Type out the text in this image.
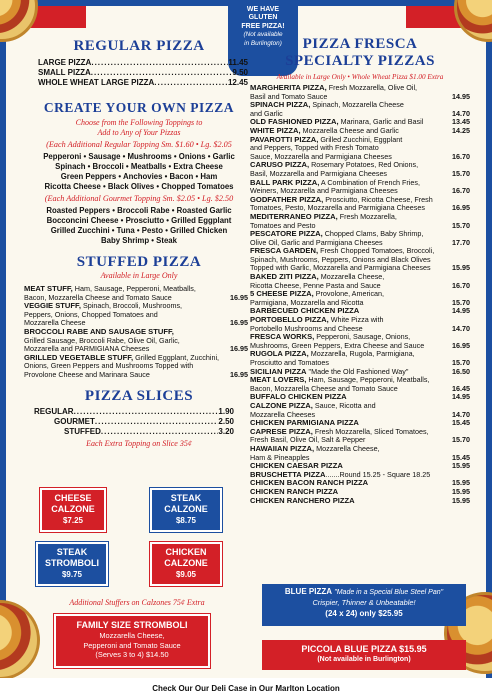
WE HAVE
GLUTEN
FREE PIZZA!
(Not available
in Burlington)
REGULAR PIZZA
LARGE PIZZA .....	11.45
SMALL PIZZA .....	9.50
WHOLE WHEAT LARGE PIZZA .....	12.45
CREATE YOUR OWN PIZZA
Choose from the Following Toppings to
Add to Any of Your Pizzas
(Each Additional Regular Topping Sm. $1.60 • Lg. $2.05
Pepperoni • Sausage • Mushrooms • Onions • Garlic
Spinach • Broccoli • Meatballs • Extra Cheese
Green Peppers • Anchovies • Bacon • Ham
Ricotta Cheese • Black Olives • Chopped Tomatoes
(Each Additional Gourmet Topping Sm. $2.05 • Lg. $2.50
Roasted Peppers • Broccoli Rabe • Roasted Garlic
Bocconcini Cheese • Prosciutto • Grilled Eggplant
Grilled Zucchini • Tuna • Pesto • Grilled Chicken
Baby Shrimp • Steak
STUFFED PIZZA
Available in Large Only
MEAT STUFF, Ham, Sausage, Pepperoni, Meatballs,
Bacon, Mozzarella Cheese and Tomato Sauce	16.95
VEGGIE STUFF, Spinach, Broccoli, Mushrooms,
Peppers, Onions, Chopped Tomatoes and
Mozzarella Cheese	16.95
BROCCOLI RABE AND SAUSAGE STUFF,
Grilled Sausage, Broccoli Rabe, Olive Oil, Garlic,
Mozzarella and PARMIGIANA Cheeses	16.95
GRILLED VEGETABLE STUFF, Grilled Eggplant, Zucchini,
Onions, Green Peppers and Mushrooms Topped with
Provolone Cheese and Marinara Sauce	16.95
PIZZA SLICES
REGULAR .....	1.90
GOURMET .....	2.50
STUFFED .....	3.20
Each Extra Topping on Slice 35¢
CHEESE
CALZONE
$7.25
STEAK
CALZONE
$8.75
STEAK
STROMBOLI
$9.75
CHICKEN
CALZONE
$9.05
Additional Stuffers on Calzones 75¢ Extra
FAMILY SIZE STROMBOLI
Mozzarella Cheese,
Pepperoni and Tomato Sauce
(Serves 3 to 4) $14.50
PIZZA FRESCA
SPECIALTY PIZZAS
Available in Large Only • Whole Wheat Pizza $1.00 Extra
MARGHERITA PIZZA, Fresh Mozzarella, Olive Oil,
Basil and Tomato Sauce	14.95
SPINACH PIZZA, Spinach, Mozzarella Cheese
and Garlic	14.70
OLD FASHIONED PIZZA, Marinara, Garlic and Basil	13.45
WHITE PIZZA, Mozzarella Cheese and Garlic	14.25
PAVAROTTI PIZZA, Grilled Zucchini, Eggplant
and Peppers, Topped with Fresh Tomato
Sauce, Mozzarella and Parmigiana Cheeses	16.70
CARUSO PIZZA, Rosemary Potatoes, Red Onions,
Basil, Mozzarella and Parmigiana Cheeses	15.70
BALL PARK PIZZA, A Combination of French Fries,
Weiners, Mozzarella and Parmigiana Cheeses	16.70
GODFATHER PIZZA, Prosciutto, Ricotta Cheese, Fresh
Tomatoes, Pesto, Mozzarella and Parmigiana Cheeses	16.95
MEDITERRANEO PIZZA, Fresh Mozzarella,
Tomatoes and Pesto	15.70
PESCATORE PIZZA, Chopped Clams, Baby Shrimp,
Olive Oil, Garlic and Parmigiana Cheeses	17.70
FRESCA GARDEN, Fresh Chopped Tomatoes, Broccoli,
Spinach, Mushrooms, Peppers, Onions and Black Olives
Topped with Garlic, Mozzarella and Parmigiana Cheeses	15.95
BAKED ZITI PIZZA, Mozzarella Cheese,
Ricotta Cheese, Penne Pasta and Sauce	16.70
5 CHEESE PIZZA, Provolone, American,
Parmigiana, Mozzarella and Ricotta	15.70
BARBECUED CHICKEN PIZZA	14.95
PORTOBELLO PIZZA, White Pizza with
Portobello Mushrooms and Cheese	14.70
FRESCA WORKS, Pepperoni, Sausage, Onions,
Mushrooms, Green Peppers, Extra Cheese and Sauce	16.95
RUGOLA PIZZA, Mozzarella, Rugola, Parmigiana,
Prosciutto and Tomatoes	15.70
SICILIAN PIZZA "Made the Old Fashioned Way"	16.50
MEAT LOVERS, Ham, Sausage, Pepperoni, Meatballs,
Bacon, Mozzarella Cheese and Tomato Sauce	16.45
BUFFALO CHICKEN PIZZA	14.95
CALZONE PIZZA, Sauce, Ricotta and
Mozzarella Cheeses	14.70
CHICKEN PARMIGIANA PIZZA	15.45
CAPRESE PIZZA, Fresh Mozzarella, Sliced Tomatoes,
Fresh Basil, Olive Oil, Salt & Pepper	15.70
HAWAIIAN PIZZA, Mozzarella Cheese,
Ham & Pineapples	15.45
CHICKEN CAESAR PIZZA	15.95
BRUSCHETTA PIZZA.......Round 15.25 - Square 18.25
CHICKEN BACON RANCH PIZZA	15.95
CHICKEN RANCH PIZZA	15.95
CHICKEN RANCHERO PIZZA	15.95
BLUE PIZZA "Made in a Special Blue Steel Pan"
Crispier, Thinner & Unbeatable!
(24 x 24) only $25.95
PICCOLA BLUE PIZZA $15.95
(Not available in Burlington)
Check Our Our Deli Case in Our Marlton Location
